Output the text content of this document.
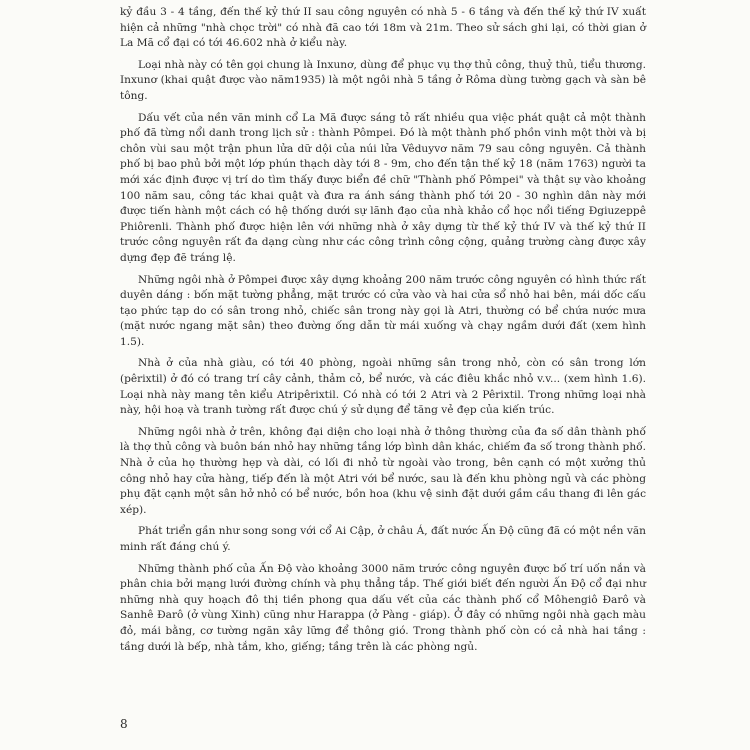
kỷ đầu 3 - 4 tầng, đến thế kỷ thứ II sau công nguyên có nhà 5 - 6 tầng và đến thế kỷ thứ IV xuất hiện cả những "nhà chọc trời" có nhà đã cao tới 18m và 21m. Theo sử sách ghi lại, có thời gian ở La Mã cổ đại có tới 46.602 nhà ở kiểu này.

Loại nhà này có tên gọi chung là Inxunơ, dùng để phục vụ thợ thủ công, thuỷ thủ, tiểu thương. Inxunơ (khai quật được vào năm1935) là một ngôi nhà 5 tầng ở Rôma dùng tường gạch và sàn bê tông.

Dấu vết của nền văn minh cổ La Mã được sáng tỏ rất nhiều qua việc phát quật cả một thành phố đã từng nổi danh trong lịch sử : thành Pômpei. Đó là một thành phố phồn vinh một thời và bị chôn vùi sau một trận phun lửa dữ dội của núi lửa Vêduyvơ năm 79 sau công nguyên. Cả thành phố bị bao phủ bởi một lớp phún thạch dày tới 8 - 9m, cho đến tận thế kỷ 18 (năm 1763) người ta mới xác định được vị trí do tìm thấy được biển đề chữ "Thành phố Pômpei" và thật sự vào khoảng 100 năm sau, công tác khai quật và đưa ra ánh sáng thành phố tới 20 - 30 nghìn dân này mới được tiến hành một cách có hệ thống dưới sự lãnh đạo của nhà khảo cổ học nổi tiếng Đgiuzeppê Phiôrenli. Thành phố được hiện lên với những nhà ở xây dựng từ thế kỷ thứ IV và thế kỷ thứ II trước công nguyên rất đa dạng cùng như các công trình công cộng, quảng trường càng được xây dựng đẹp đẽ tráng lệ.

Những ngôi nhà ở Pômpei được xây dựng khoảng 200 năm trước công nguyên có hình thức rất duyên dáng : bốn mặt tường phẳng, mặt trước có cửa vào và hai cửa sổ nhỏ hai bên, mái dốc cấu tạo phức tạp do có sân trong nhỏ, chiếc sân trong này gọi là Atri, thường có bể chứa nước mưa (mặt nước ngang mặt sân) theo đường ống dẫn từ mái xuống và chạy ngầm dưới đất (xem hình 1.5).

Nhà ở của nhà giàu, có tới 40 phòng, ngoài những sân trong nhỏ, còn có sân trong lớn (pêrixtil) ở đó có trang trí cây cảnh, thảm cỏ, bể nước, và các điêu khắc nhỏ v.v... (xem hình 1.6). Loại nhà này mang tên kiểu Atripêrixtil. Có nhà có tới 2 Atri và 2 Pêrixtil. Trong những loại nhà này, hội hoạ và tranh tường rất được chú ý sử dụng để tăng vẻ đẹp của kiến trúc.

Những ngôi nhà ở trên, không đại diện cho loại nhà ở thông thường của đa số dân thành phố là thợ thủ công và buôn bán nhỏ hay những tầng lớp bình dân khác, chiếm đa số trong thành phố. Nhà ở của họ thường hẹp và dài, có lối đi nhỏ từ ngoài vào trong, bên cạnh có một xưởng thủ công nhỏ hay cửa hàng, tiếp đến là một Atri với bể nước, sau là đến khu phòng ngủ và các phòng phụ đặt cạnh một sân hở nhỏ có bể nước, bồn hoa (khu vệ sinh đặt dưới gầm cầu thang đi lên gác xép).

Phát triển gần như song song với cổ Ai Cập, ở châu Á, đất nước Ấn Độ cũng đã có một nền văn minh rất đáng chú ý.

Những thành phố của Ấn Độ vào khoảng 3000 năm trước công nguyên được bố trí uốn nắn và phân chia bởi mạng lưới đường chính và phụ thẳng tắp. Thế giới biết đến người Ấn Độ cổ đại như những nhà quy hoạch đô thị tiền phong qua dấu vết của các thành phố cổ Môhengiô Đarô và Sanhê Đarô (ở vùng Xinh) cũng như Harappa (ở Pàng - giáp). Ở đây có những ngôi nhà gạch màu đỏ, mái bằng, cơ tường ngăn xây lững để thông gió. Trong thành phố còn có cả nhà hai tầng : tầng dưới là bếp, nhà tắm, kho, giếng; tầng trên là các phòng ngủ.

8
